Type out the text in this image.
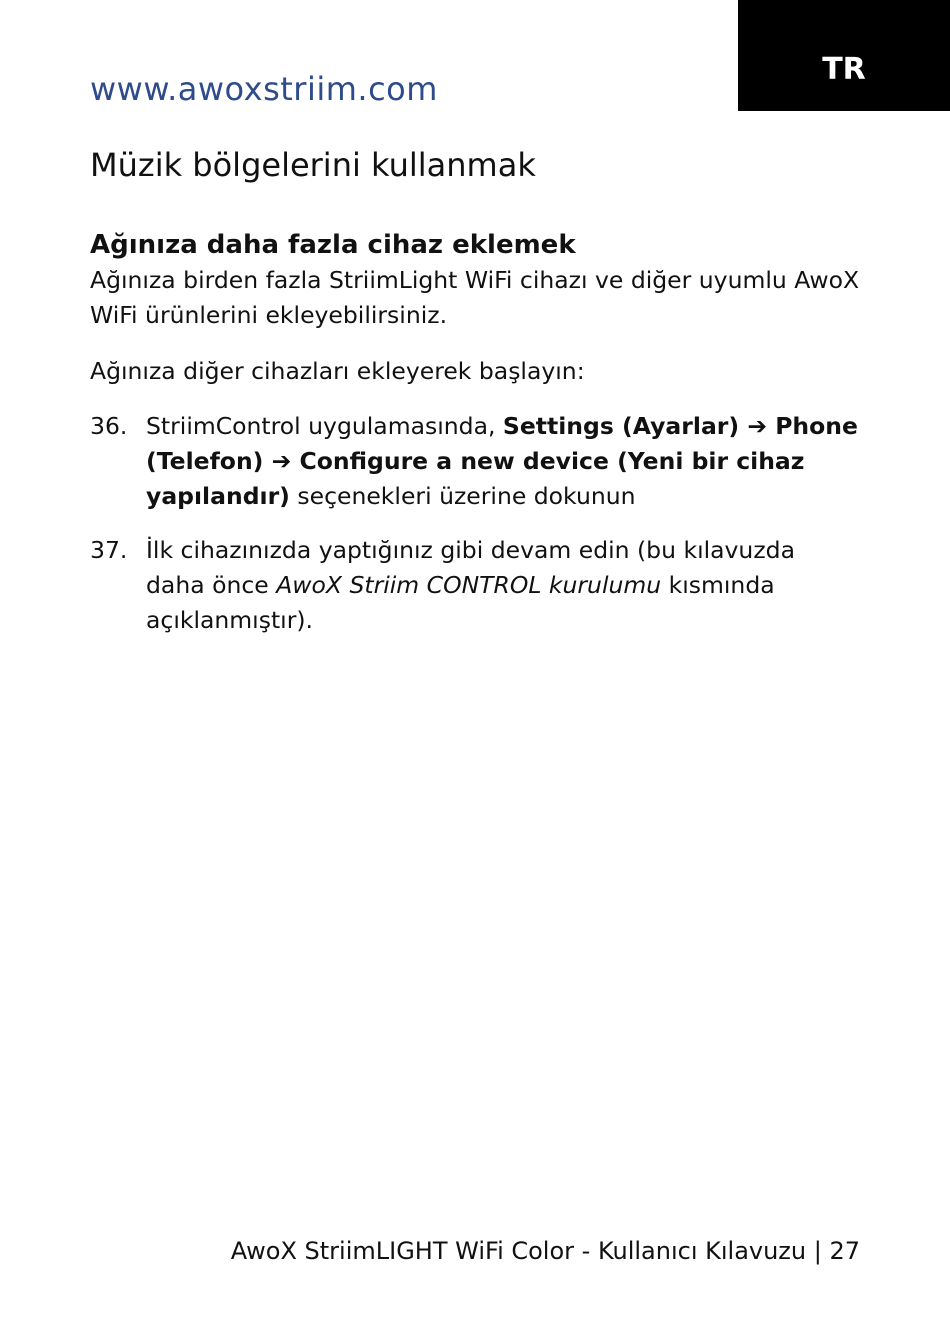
TR
www.awoxstriim.com
Müzik bölgelerini kullanmak
Ağınıza daha fazla cihaz eklemek

Ağınıza birden fazla StriimLight WiFi cihazı ve diğer uyumlu AwoX WiFi ürünlerini ekleyebilirsiniz.

Ağınıza diğer cihazları ekleyerek başlayın:

36. StriimControl uygulamasında, Settings (Ayarlar) ➔ Phone (Telefon) ➔ Configure a new device (Yeni bir cihaz yapılandır) seçenekleri üzerine dokunun
37. İlk cihazınızda yaptığınız gibi devam edin (bu kılavuzda daha önce AwoX Striim CONTROL kurulumu kısmında açıklanmıştır).
AwoX StriimLIGHT WiFi Color - Kullanıcı Kılavuzu | 27
